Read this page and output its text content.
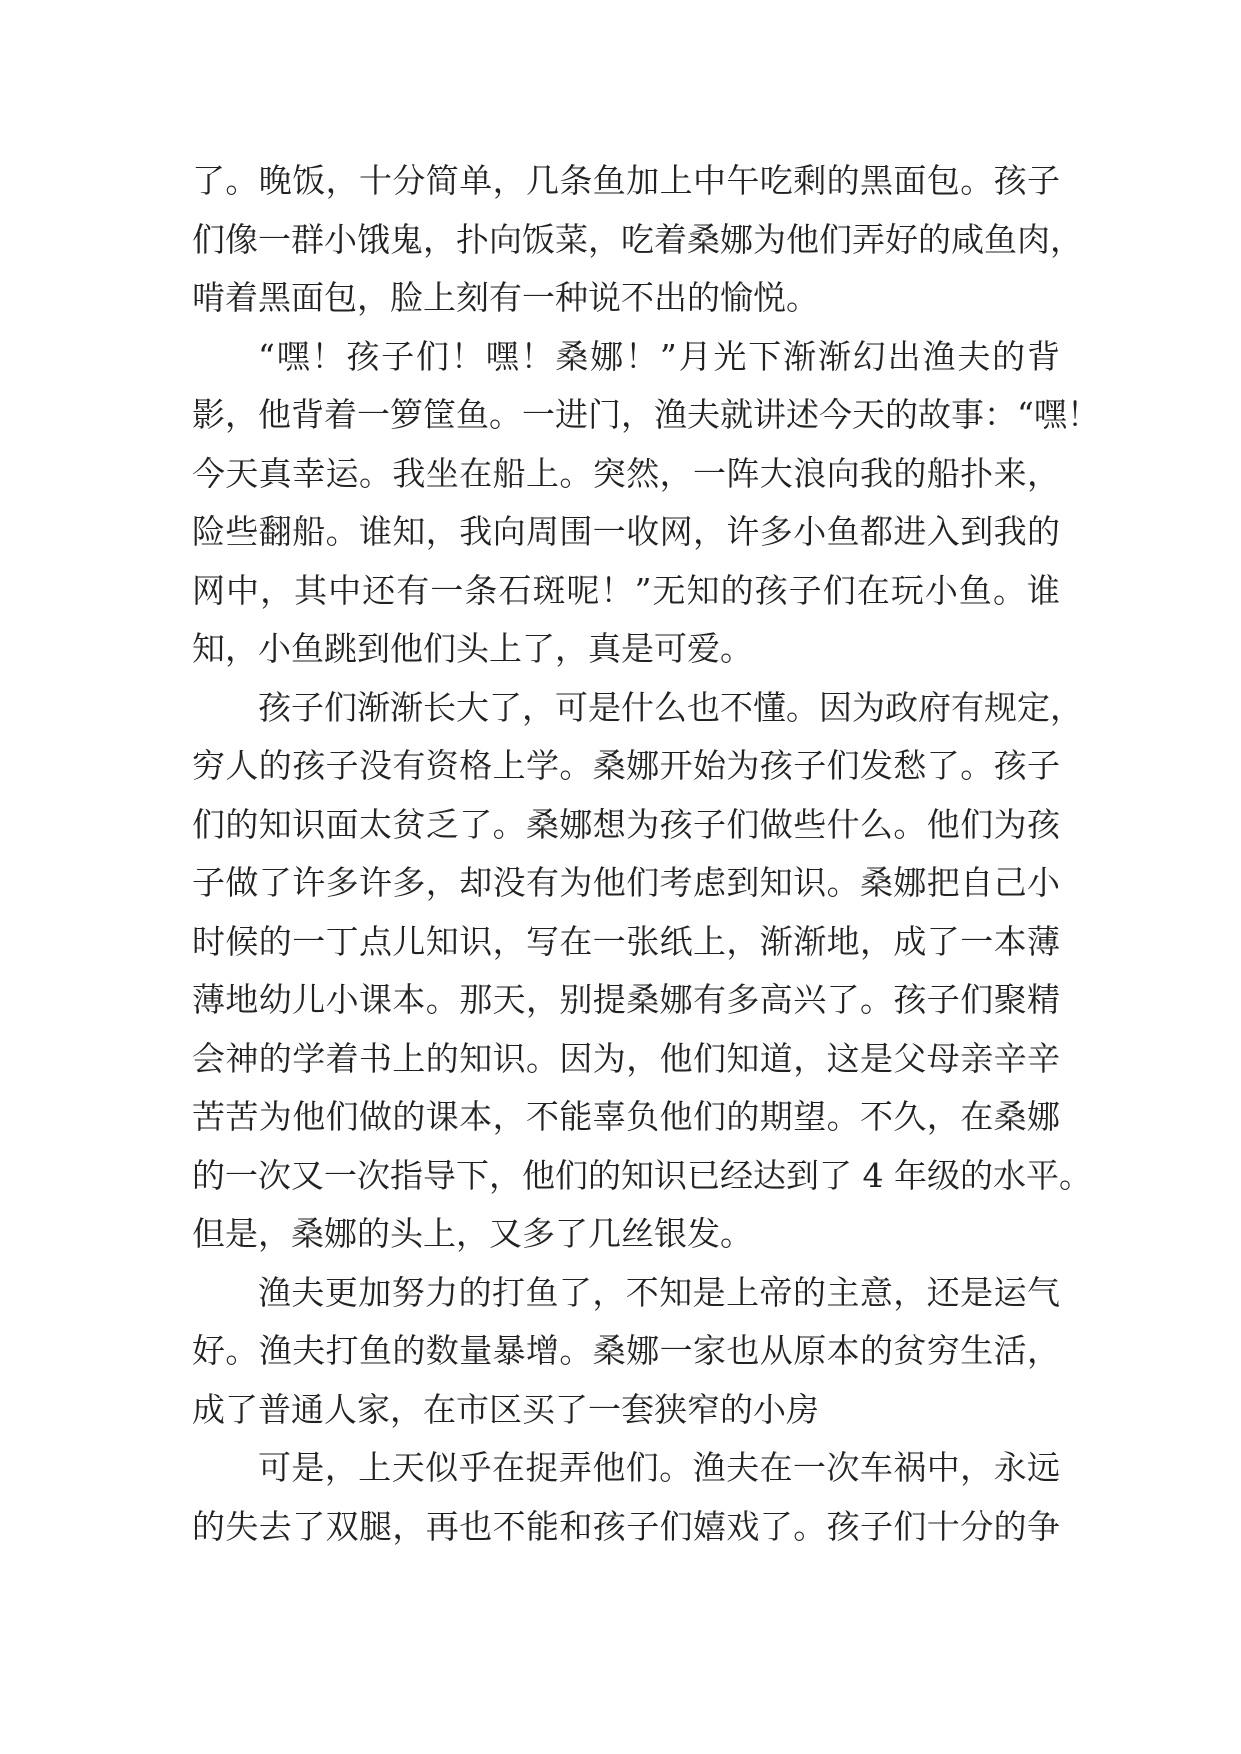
了。晚饭，十分简单，几条鱼加上中午吃剩的黑面包。孩子
们像一群小饿鬼，扑向饭菜，吃着桑娜为他们弄好的咸鱼肉，
啃着黑面包，脸上刻有一种说不出的愉悦。
“嘿！孩子们！嘿！桑娜！”月光下渐渐幻出渔夫的背
影，他背着一箩筐鱼。一进门，渔夫就讲述今天的故事：“嘿！
今天真幸运。我坐在船上。突然，一阵大浪向我的船扑来，
险些翻船。谁知，我向周围一收网，许多小鱼都进入到我的
网中，其中还有一条石斑呢！”无知的孩子们在玩小鱼。谁
知，小鱼跳到他们头上了，真是可爱。
孩子们渐渐长大了，可是什么也不懂。因为政府有规定，
穷人的孩子没有资格上学。桑娜开始为孩子们发愁了。孩子
们的知识面太贫乏了。桑娜想为孩子们做些什么。他们为孩
子做了许多许多，却没有为他们考虑到知识。桑娜把自己小
时候的一丁点儿知识，写在一张纸上，渐渐地，成了一本薄
薄地幼儿小课本。那天，别提桑娜有多高兴了。孩子们聚精
会神的学着书上的知识。因为，他们知道，这是父母亲辛辛
苦苦为他们做的课本，不能辜负他们的期望。不久，在桑娜
的一次又一次指导下，他们的知识已经达到了 4 年级的水平。
但是，桑娜的头上，又多了几丝银发。
渔夫更加努力的打鱼了，不知是上帝的主意，还是运气
好。渔夫打鱼的数量暴增。桑娜一家也从原本的贫穷生活，
成了普通人家，在市区买了一套狭窄的小房
可是，上天似乎在捉弄他们。渔夫在一次车祸中，永远
的失去了双腿，再也不能和孩子们嬉戏了。孩子们十分的争
